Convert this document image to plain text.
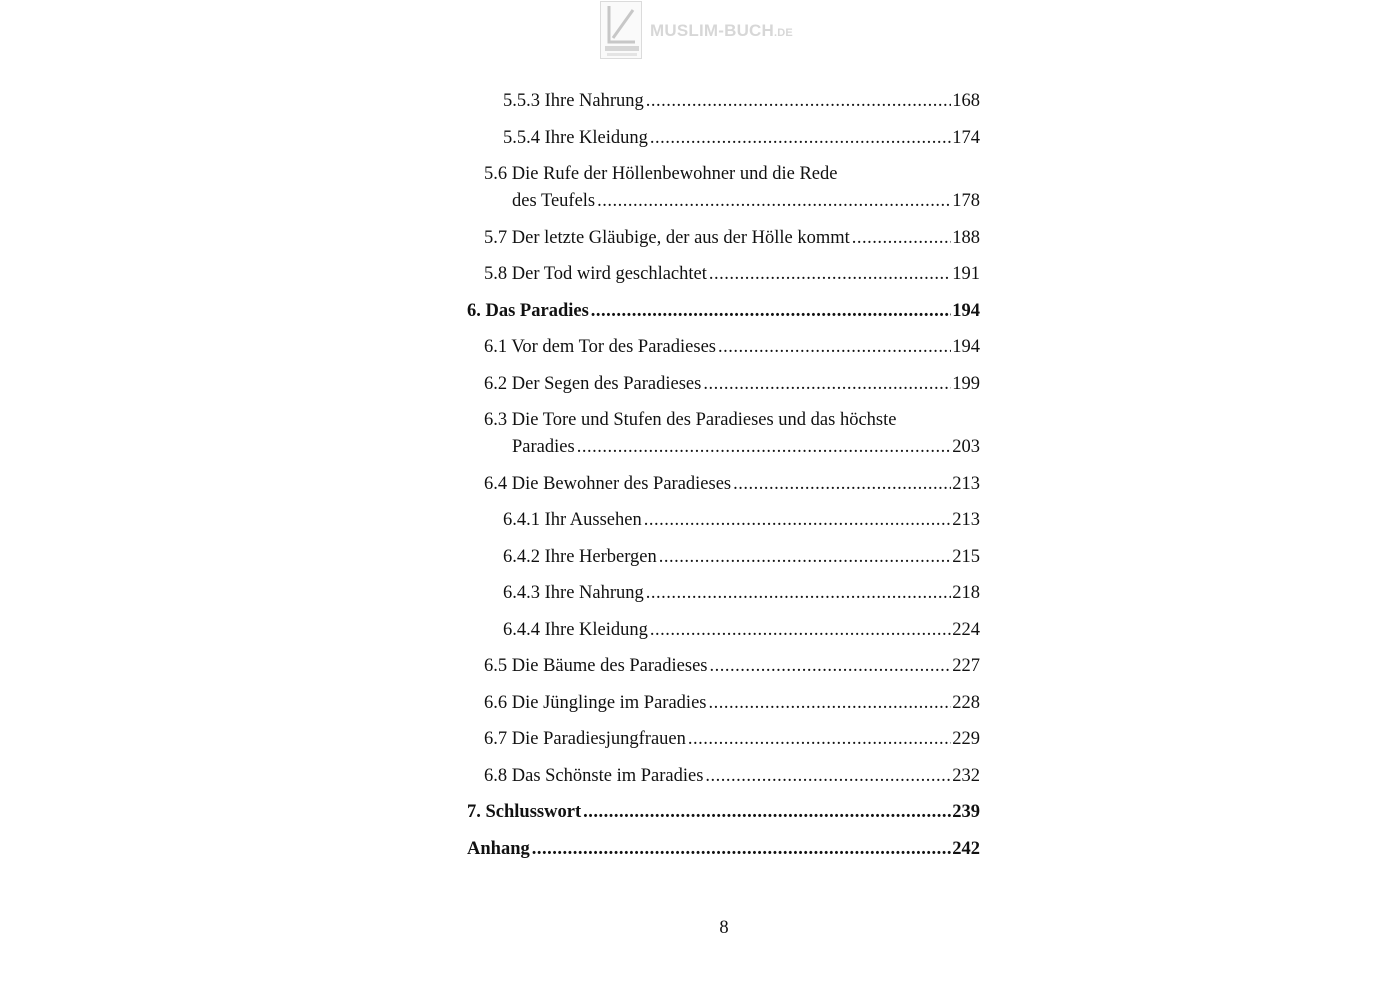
MUSLIM-BUCH.DE
5.5.3 Ihre Nahrung .....	168
5.5.4 Ihre Kleidung .....	174
5.6 Die Rufe der Höllenbewohner und die Rede
des Teufels .....	178
5.7 Der letzte Gläubige, der aus der Hölle kommt .....	188
5.8 Der Tod wird geschlachtet .....	191
6. Das Paradies .....	194
6.1 Vor dem Tor des Paradieses .....	194
6.2 Der Segen des Paradieses .....	199
6.3 Die Tore und Stufen des Paradieses und das höchste
Paradies .....	203
6.4 Die Bewohner des Paradieses .....	213
6.4.1 Ihr Aussehen .....	213
6.4.2 Ihre Herbergen .....	215
6.4.3 Ihre Nahrung .....	218
6.4.4 Ihre Kleidung .....	224
6.5 Die Bäume des Paradieses .....	227
6.6 Die Jünglinge im Paradies .....	228
6.7 Die Paradiesjungfrauen .....	229
6.8 Das Schönste im Paradies .....	232
7. Schlusswort .....	239
Anhang .....	242
8
